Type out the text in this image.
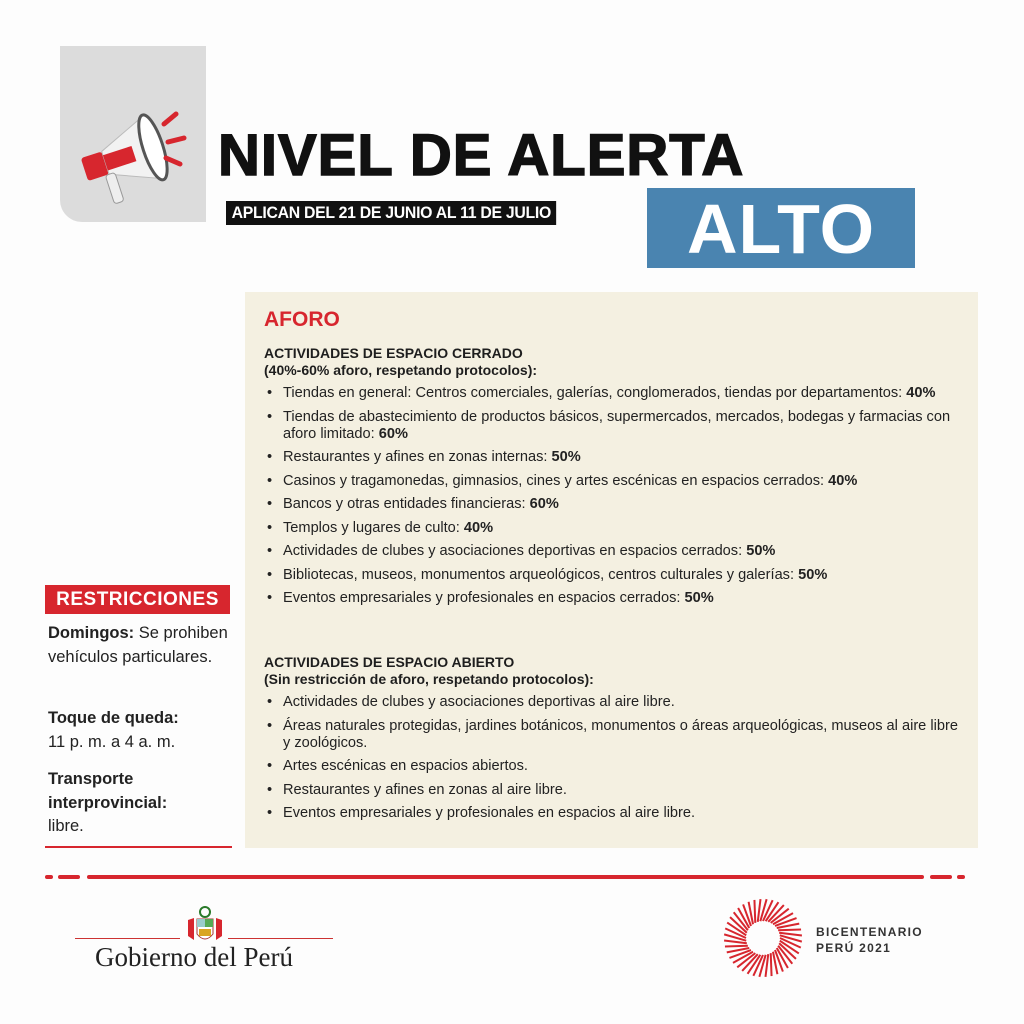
NIVEL DE ALERTA
APLICAN DEL 21 DE JUNIO AL 11 DE JULIO	ALTO
AFORO
ACTIVIDADES DE ESPACIO CERRADO
(40%-60% aforo, respetando protocolos):
• Tiendas en general: Centros comerciales, galerías, conglomerados, tiendas por departamentos: 40%
• Tiendas de abastecimiento de productos básicos, supermercados, mercados, bodegas y farmacias con aforo limitado: 60%
• Restaurantes y afines en zonas internas: 50%
• Casinos y tragamonedas, gimnasios, cines y artes escénicas en espacios cerrados: 40%
• Bancos y otras entidades financieras: 60%
• Templos y lugares de culto: 40%
• Actividades de clubes y asociaciones deportivas en espacios cerrados: 50%
• Bibliotecas, museos, monumentos arqueológicos, centros culturales y galerías: 50%
• Eventos empresariales y profesionales en espacios cerrados: 50%
ACTIVIDADES DE ESPACIO ABIERTO
(Sin restricción de aforo, respetando protocolos):
• Actividades de clubes y asociaciones deportivas al aire libre.
• Áreas naturales protegidas, jardines botánicos, monumentos o áreas arqueológicas, museos al aire libre y zoológicos.
• Artes escénicas en espacios abiertos.
• Restaurantes y afines en zonas al aire libre.
• Eventos empresariales y profesionales en espacios al aire libre.
RESTRICCIONES
Domingos: Se prohiben vehículos particulares.
Toque de queda:
11 p. m. a 4 a. m.
Transporte interprovincial:
libre.
Gobierno del Perú
BICENTENARIO
PERÚ 2021
